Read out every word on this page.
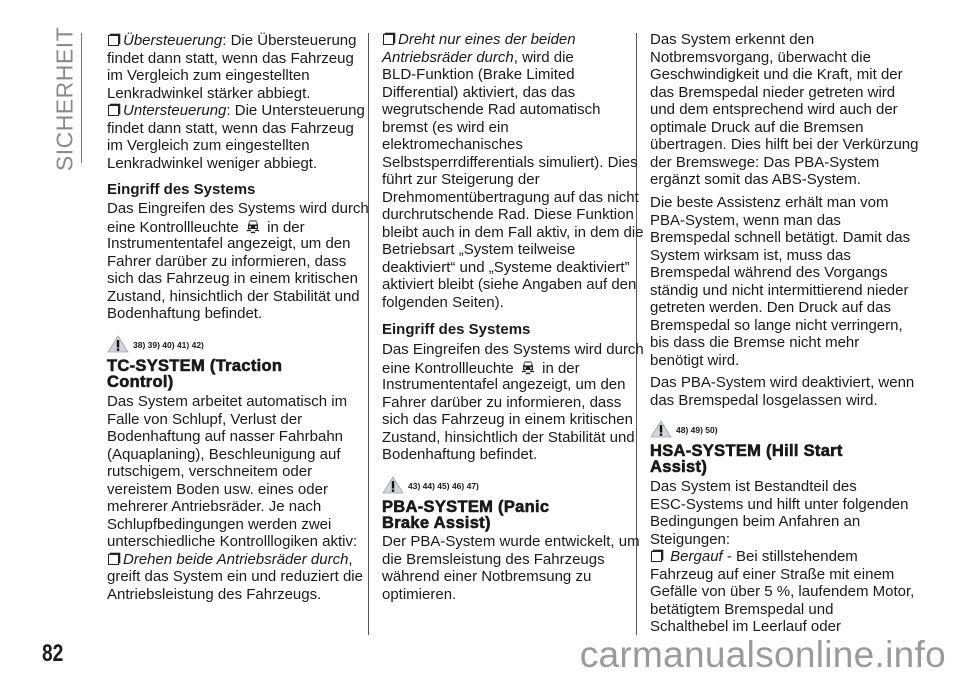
SICHERHEIT	Übersteuerung: Die Übersteuerung
findet dann statt, wenn das Fahrzeug
im Vergleich zum eingestellten
Lenkradwinkel stärker abbiegt.
Untersteuerung: Die Untersteuerung
findet dann statt, wenn das Fahrzeug
im Vergleich zum eingestellten
Lenkradwinkel weniger abbiegt.
Eingriff des Systems
Das Eingreifen des Systems wird durch
eine Kontrollleuchte  in der
Instrumententafel angezeigt, um den
Fahrer darüber zu informieren, dass
sich das Fahrzeug in einem kritischen
Zustand, hinsichtlich der Stabilität und
Bodenhaftung befindet.
38) 39) 40) 41) 42)
TC-SYSTEM (Traction
Control)
Das System arbeitet automatisch im
Falle von Schlupf, Verlust der
Bodenhaftung auf nasser Fahrbahn
(Aquaplaning), Beschleunigung auf
rutschigem, verschneitem oder
vereistem Boden usw. eines oder
mehrerer Antriebsräder. Je nach
Schlupfbedingungen werden zwei
unterschiedliche Kontrolllogiken aktiv:
Drehen beide Antriebsräder durch,
greift das System ein und reduziert die
Antriebsleistung des Fahrzeugs.
Dreht nur eines der beiden
Antriebsräder durch, wird die
BLD-Funktion (Brake Limited
Differential) aktiviert, das das
wegrutschende Rad automatisch
bremst (es wird ein
elektromechanisches
Selbstsperrdifferentials simuliert). Dies
führt zur Steigerung der
Drehmomentübertragung auf das nicht
durchrutschende Rad. Diese Funktion
bleibt auch in dem Fall aktiv, in dem die
Betriebsart „System teilweise
deaktiviert“ und „Systeme deaktiviert”
aktiviert bleibt (siehe Angaben auf den
folgenden Seiten).
Eingriff des Systems
Das Eingreifen des Systems wird durch
eine Kontrollleuchte  in der
Instrumententafel angezeigt, um den
Fahrer darüber zu informieren, dass
sich das Fahrzeug in einem kritischen
Zustand, hinsichtlich der Stabilität und
Bodenhaftung befindet.
43) 44) 45) 46) 47)
PBA-SYSTEM (Panic
Brake Assist)
Der PBA-System wurde entwickelt, um
die Bremsleistung des Fahrzeugs
während einer Notbremsung zu
optimieren.
Das System erkennt den
Notbremsvorgang, überwacht die
Geschwindigkeit und die Kraft, mit der
das Bremspedal nieder getreten wird
und dem entsprechend wird auch der
optimale Druck auf die Bremsen
übertragen. Dies hilft bei der Verkürzung
der Bremswege: Das PBA-System
ergänzt somit das ABS-System.
Die beste Assistenz erhält man vom
PBA-System, wenn man das
Bremspedal schnell betätigt. Damit das
System wirksam ist, muss das
Bremspedal während des Vorgangs
ständig und nicht intermittierend nieder
getreten werden. Den Druck auf das
Bremspedal so lange nicht verringern,
bis dass die Bremse nicht mehr
benötigt wird.
Das PBA-System wird deaktiviert, wenn
das Bremspedal losgelassen wird.
48) 49) 50)
HSA-SYSTEM (Hill Start
Assist)
Das System ist Bestandteil des
ESC-Systems und hilft unter folgenden
Bedingungen beim Anfahren an
Steigungen:
Bergauf - Bei stillstehendem
Fahrzeug auf einer Straße mit einem
Gefälle von über 5 %, laufendem Motor,
betätigtem Bremspedal und
Schalthebel im Leerlauf oder
82	carmanualsonline.info
